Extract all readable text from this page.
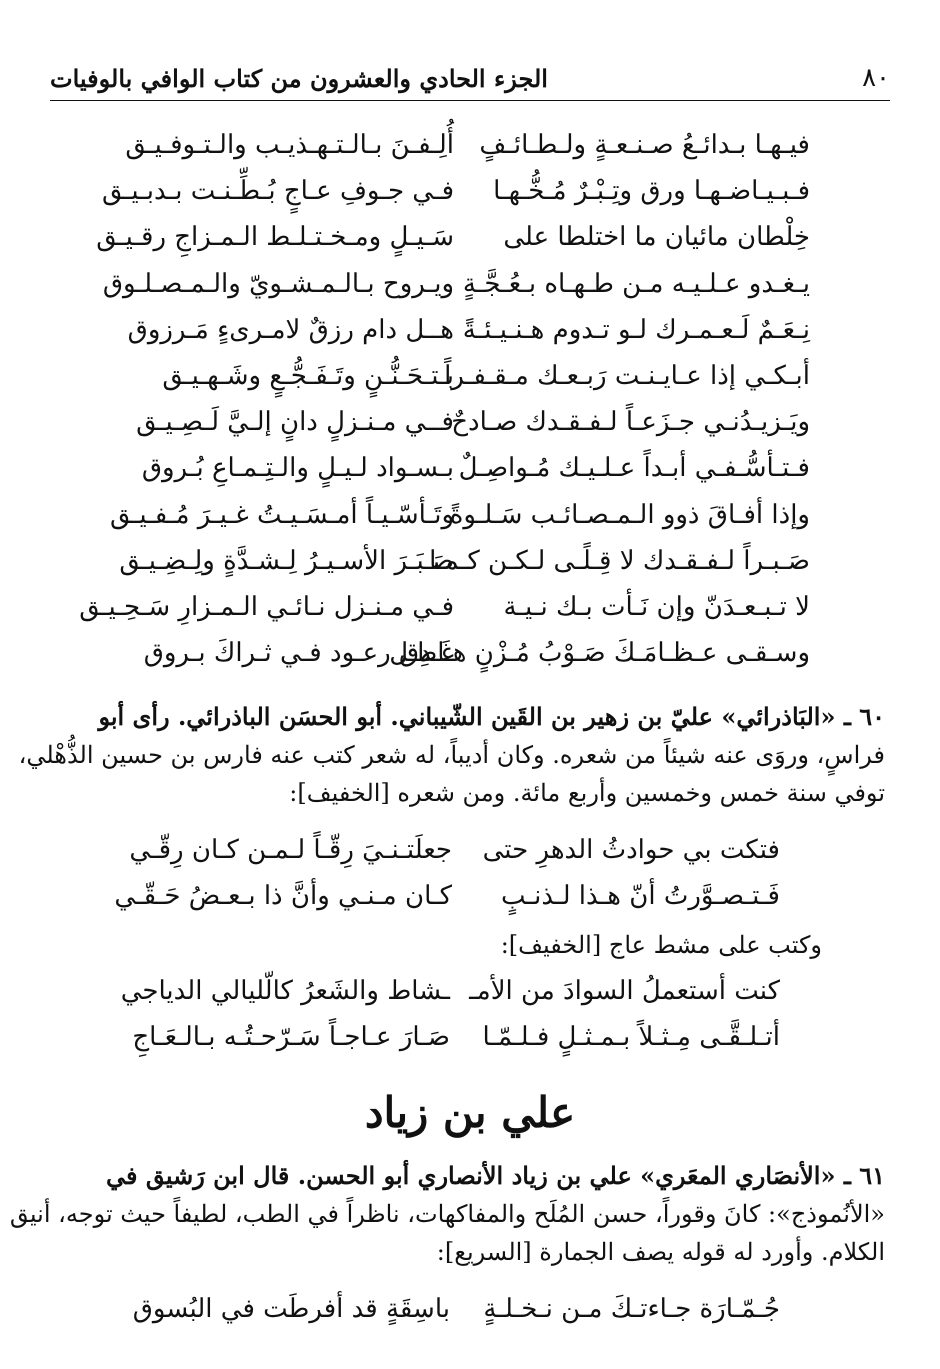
٨٠
الجزء الحادي والعشرون من كتاب الوافي بالوفيات
فيـهـا بـدائـعُ صـنـعـةٍ ولـطـائـفٍ
أُلِـفـنَ بـالـتـهـذيـب والـتـوفـيـق
فـبـيـاضـهـا ورق وتِـبْـرٌ مُـخُّـهـا
فـي جـوفِ عـاجٍ بُـطِّـنـت بـدبـيـق
خِلْطان مائيان ما اختلطا على
سَـيـلٍ ومـخـتـلـط الـمـزاجِ رقـيـق
يـغـدو عـلـيـه مـن طـهـاه بـعُـجَّـةٍ
ويـروح بـالـمـشـويّ والـمـصـلـوق
نِـعَـمٌ لَـعـمـرك لـو تـدوم هـنـيـئـةً
هــل دام رزقٌ لامـرىءٍ مَـرزوق
أبـكـي إذا عـايـنـت رَبـعـك مـقـفـراً
بـتـحَـنُّـنٍ وتَـفَـجُّـعٍ وشَـهـيـق
ويَـزيـدُنـي جـزَعـاً لـفـقـدك صـادحٌ
فــي مـنـزلٍ دانٍ إلـيَّ لَـصِـيـق
فـتـأسُّـفـي أبـداً عـلـيـك مُـواصِـلٌ
بـسـواد لـيـلٍ والـتِـمـاعِ بُـروق
وإذا أفـاقَ ذوو الـمـصـائـب سَـلـوةً
وتَـأسّـيـاً أمـسَـيـتُ غـيـرَ مُـفـيـق
صَـبـراً لـفـقـدك لا قِـلًـى لـكـن كـمـا
صَـبَـرَ الأسـيـرُ لِـشـدَّةٍ ولِـضِـيـق
لا تـبـعـدَنّ وإن نَـأت بـك نـيـة
فـي مـنـزل نـائـي الـمـزارِ سَـحِـيـق
وسـقـى عـظـامَـكَ صَـوْبُ مُـزْنٍ هـاطـل
غَـدِق رعـود فـي ثـراكَ بـروق
٦٠ ـ «البَاذرائي» عليّ بن زهير بن القَين الشّيباني. أبو الحسَن الباذرائي. رأى أبو
فراسٍ، وروَى عنه شيئاً من شعره. وكان أديباً، له شعر كتب عنه فارس بن حسين الذُّهْلي،
توفي سنة خمس وخمسين وأربع مائة. ومن شعره [الخفيف]:
فتكت بي حوادثُ الدهرِ حتى
جعلَتـنـيَ رِقّـاً لـمـن كـان رِقّـي
فَـتـصـوَّرتُ أنّ هـذا لـذنـبٍ
كـان مـنـي وأنَّ ذا بـعـضُ حَـقّـي
وكتب على مشط عاج [الخفيف]:
كنت أستعملُ السوادَ من الأمـ
ـشاط والشَعرُ كالّليالي الدياجي
أتـلـقَّـى مِـثـلاً بـمـثـلٍ فـلـمّـا
صَـارَ عـاجـاً سَـرّحـتُـه بـالـعَـاجِ
علي بن زياد
٦١ ـ «الأنصَاري المعَري» علي بن زياد الأنصاري أبو الحسن. قال ابن رَشيق في
«الأنُموذج»: كانَ وقوراً، حسن المُلَح والمفاكهات، ناظراً في الطب، لطيفاً حيث توجه، أنيق
الكلام. وأورد له قوله يصف الجمارة [السريع]:
جُـمّـارَة جـاءتـكَ مـن نـخـلـةٍ
باسِقَةٍ قد أفرطَت في البُسوق
